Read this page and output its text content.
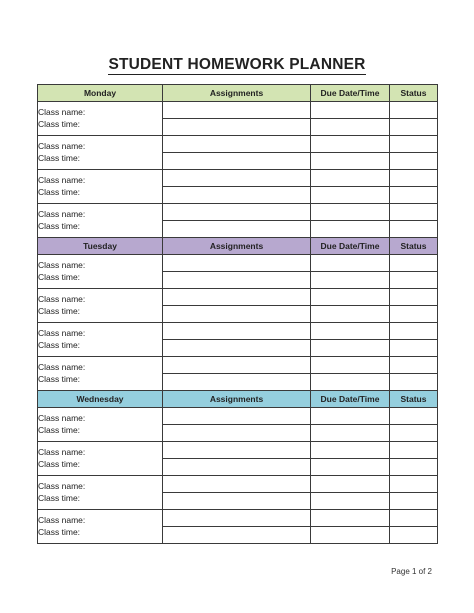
STUDENT HOMEWORK PLANNER
Monday	Assignments	Due Date/Time	Status

Class name:
Class time:			

Class name:
Class time:			

Class name:
Class time:			

Class name:
Class time:			

Tuesday	Assignments	Due Date/Time	Status

Class name:
Class time:			

Class name:
Class time:			

Class name:
Class time:			

Class name:
Class time:			

Wednesday	Assignments	Due Date/Time	Status

Class name:
Class time:			

Class name:
Class time:			

Class name:
Class time:			

Class name:
Class time:			

Page 1 of 2
